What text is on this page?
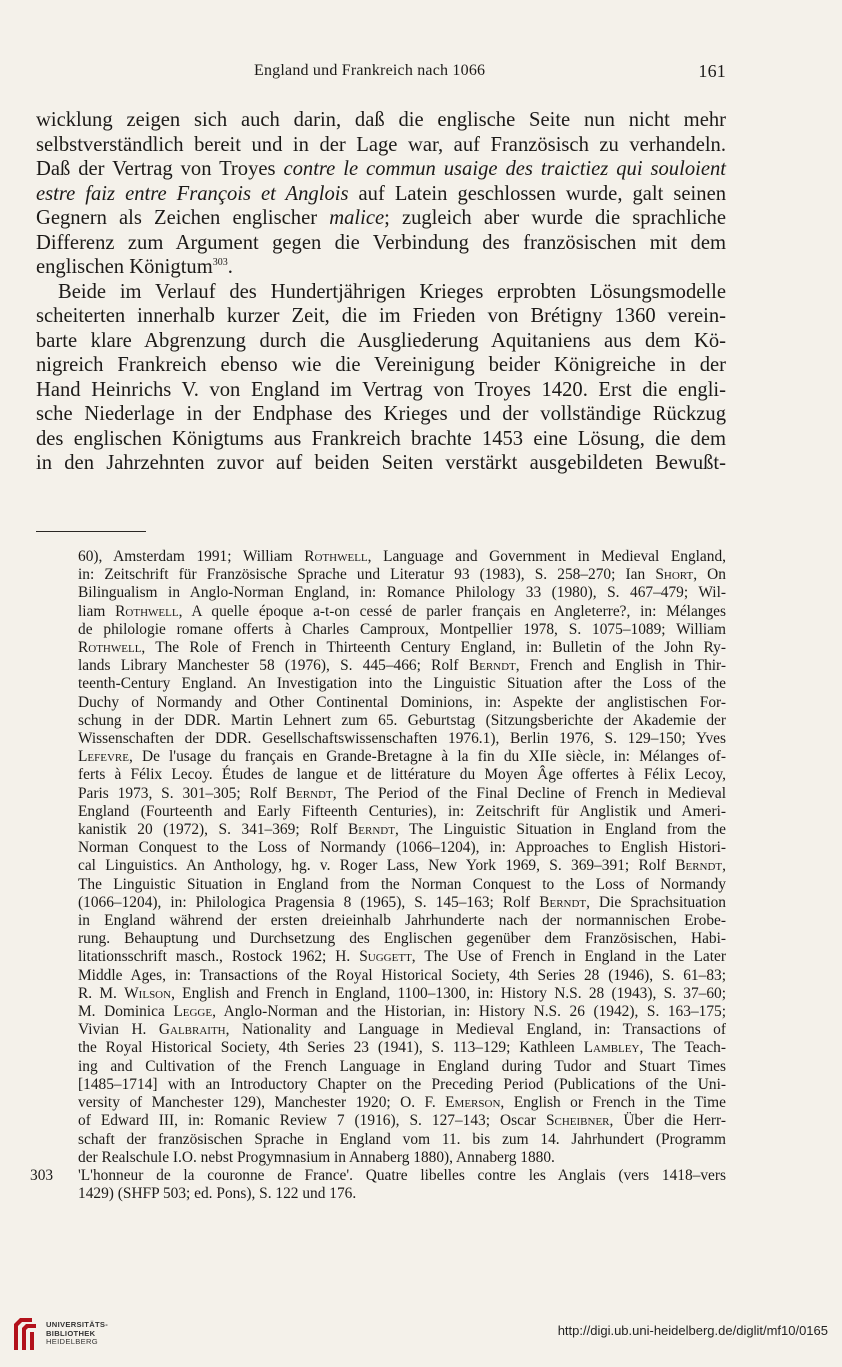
England und Frankreich nach 1066	161

wicklung zeigen sich auch darin, daß die englische Seite nun nicht mehr
selbstverständlich bereit und in der Lage war, auf Französisch zu verhandeln.
Daß der Vertrag von Troyes contre le commun usaige des traictiez qui souloient
estre faiz entre François et Anglois auf Latein geschlossen wurde, galt seinen
Gegnern als Zeichen englischer malice; zugleich aber wurde die sprachliche
Differenz zum Argument gegen die Verbindung des französischen mit dem
englischen Königtum$^{303}$.

Beide im Verlauf des Hundertjährigen Krieges erprobten Lösungsmodelle
scheiterten innerhalb kurzer Zeit, die im Frieden von Brétigny 1360 verein-
barte klare Abgrenzung durch die Ausgliederung Aquitaniens aus dem Kö-
nigreich Frankreich ebenso wie die Vereinigung beider Königreiche in der
Hand Heinrichs V. von England im Vertrag von Troyes 1420. Erst die engli-
sche Niederlage in der Endphase des Krieges und der vollständige Rückzug
des englischen Königtums aus Frankreich brachte 1453 eine Lösung, die dem
in den Jahrzehnten zuvor auf beiden Seiten verstärkt ausgebildeten Bewußt-

60), Amsterdam 1991; William Rothwell, Language and Government in Medieval England,
in: Zeitschrift für Französische Sprache und Literatur 93 (1983), S. 258–270; Ian Short, On
Bilingualism in Anglo-Norman England, in: Romance Philology 33 (1980), S. 467–479; Wil-
liam Rothwell, A quelle époque a-t-on cessé de parler français en Angleterre?, in: Mélanges
de philologie romane offerts à Charles Camproux, Montpellier 1978, S. 1075–1089; William
Rothwell, The Role of French in Thirteenth Century England, in: Bulletin of the John Ry-
lands Library Manchester 58 (1976), S. 445–466; Rolf Berndt, French and English in Thir-
teenth-Century England. An Investigation into the Linguistic Situation after the Loss of the
Duchy of Normandy and Other Continental Dominions, in: Aspekte der anglistischen For-
schung in der DDR. Martin Lehnert zum 65. Geburtstag (Sitzungsberichte der Akademie der
Wissenschaften der DDR. Gesellschaftswissenschaften 1976.1), Berlin 1976, S. 129–150; Yves
Lefevre, De l'usage du français en Grande-Bretagne à la fin du XIIe siècle, in: Mélanges of-
ferts à Félix Lecoy. Études de langue et de littérature du Moyen Âge offertes à Félix Lecoy,
Paris 1973, S. 301–305; Rolf Berndt, The Period of the Final Decline of French in Medieval
England (Fourteenth and Early Fifteenth Centuries), in: Zeitschrift für Anglistik und Ameri-
kanistik 20 (1972), S. 341–369; Rolf Berndt, The Linguistic Situation in England from the
Norman Conquest to the Loss of Normandy (1066–1204), in: Approaches to English Histori-
cal Linguistics. An Anthology, hg. v. Roger Lass, New York 1969, S. 369–391; Rolf Berndt,
The Linguistic Situation in England from the Norman Conquest to the Loss of Normandy
(1066–1204), in: Philologica Pragensia 8 (1965), S. 145–163; Rolf Berndt, Die Sprachsituation
in England während der ersten dreieinhalb Jahrhunderte nach der normannischen Erobe-
rung. Behauptung und Durchsetzung des Englischen gegenüber dem Französischen, Habi-
litationsschrift masch., Rostock 1962; H. Suggett, The Use of French in England in the Later
Middle Ages, in: Transactions of the Royal Historical Society, 4th Series 28 (1946), S. 61–83;
R. M. Wilson, English and French in England, 1100–1300, in: History N.S. 28 (1943), S. 37–60;
M. Dominica Legge, Anglo-Norman and the Historian, in: History N.S. 26 (1942), S. 163–175;
Vivian H. Galbraith, Nationality and Language in Medieval England, in: Transactions of
the Royal Historical Society, 4th Series 23 (1941), S. 113–129; Kathleen Lambley, The Teach-
ing and Cultivation of the French Language in England during Tudor and Stuart Times
[1485–1714] with an Introductory Chapter on the Preceding Period (Publications of the Uni-
versity of Manchester 129), Manchester 1920; O. F. Emerson, English or French in the Time
of Edward III, in: Romanic Review 7 (1916), S. 127–143; Oscar Scheibner, Über die Herr-
schaft der französischen Sprache in England vom 11. bis zum 14. Jahrhundert (Programm
der Realschule I.O. nebst Progymnasium in Annaberg 1880), Annaberg 1880.
303 'L'honneur de la couronne de France'. Quatre libelles contre les Anglais (vers 1418–vers
1429) (SHFP 503; ed. Pons), S. 122 und 176.
UNIVERSITÄTS-
BIBLIOTHEK
HEIDELBERG
http://digi.ub.uni-heidelberg.de/diglit/mf10/0165
